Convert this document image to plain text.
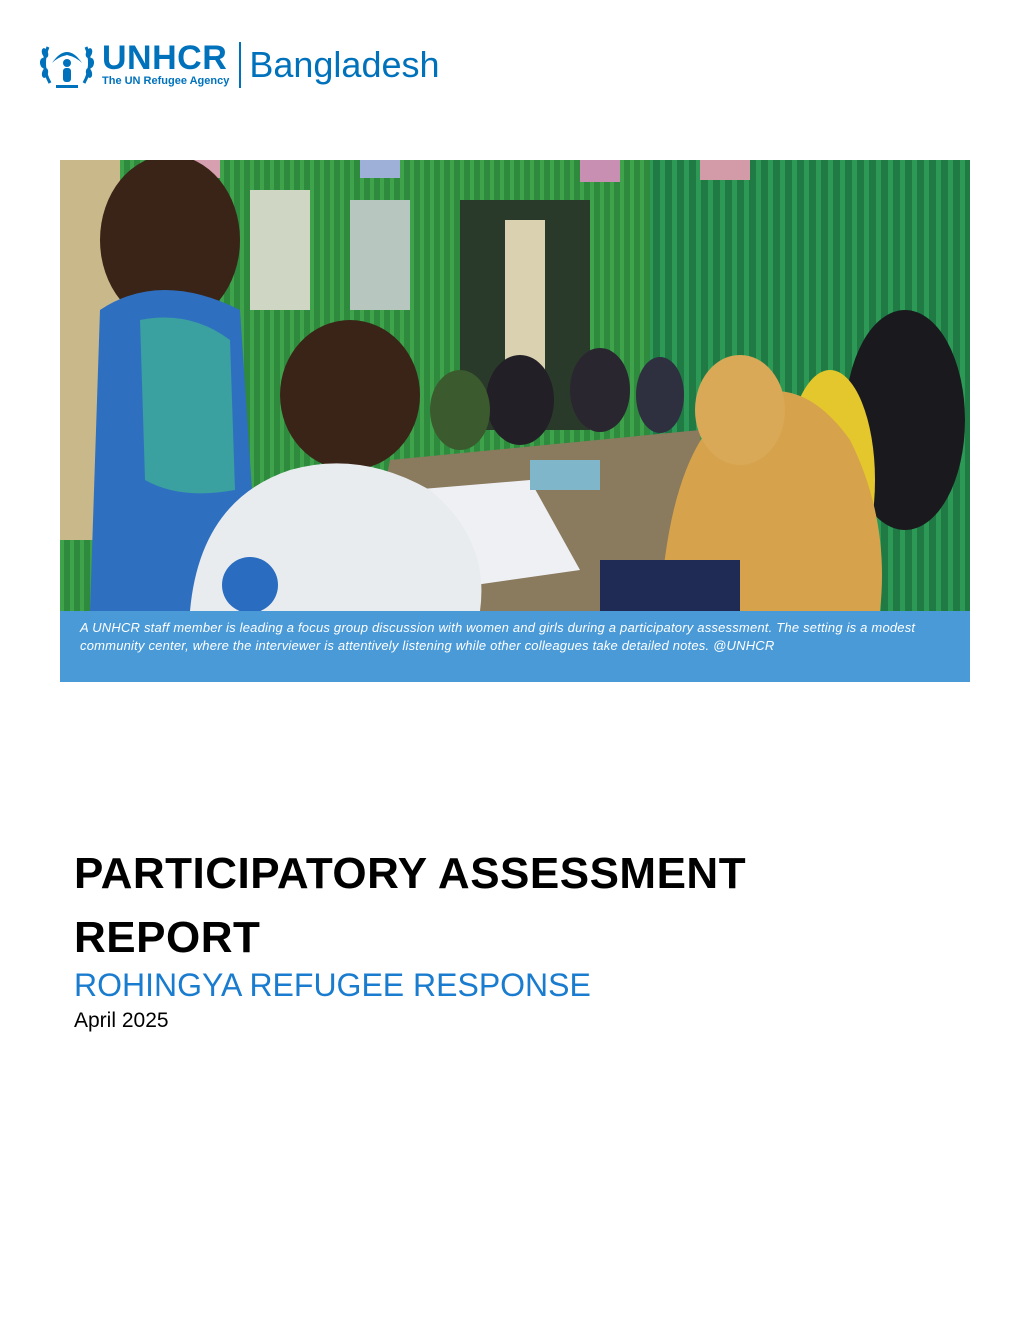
UNHCR
The UN Refugee Agency Bangladesh
A UNHCR staff member is leading a focus group discussion with women and girls during a participatory assessment. The setting is a modest community center, where the interviewer is attentively listening while other colleagues take detailed notes. @UNHCR
PARTICIPATORY ASSESSMENT REPORT
ROHINGYA REFUGEE RESPONSE
April 2025
